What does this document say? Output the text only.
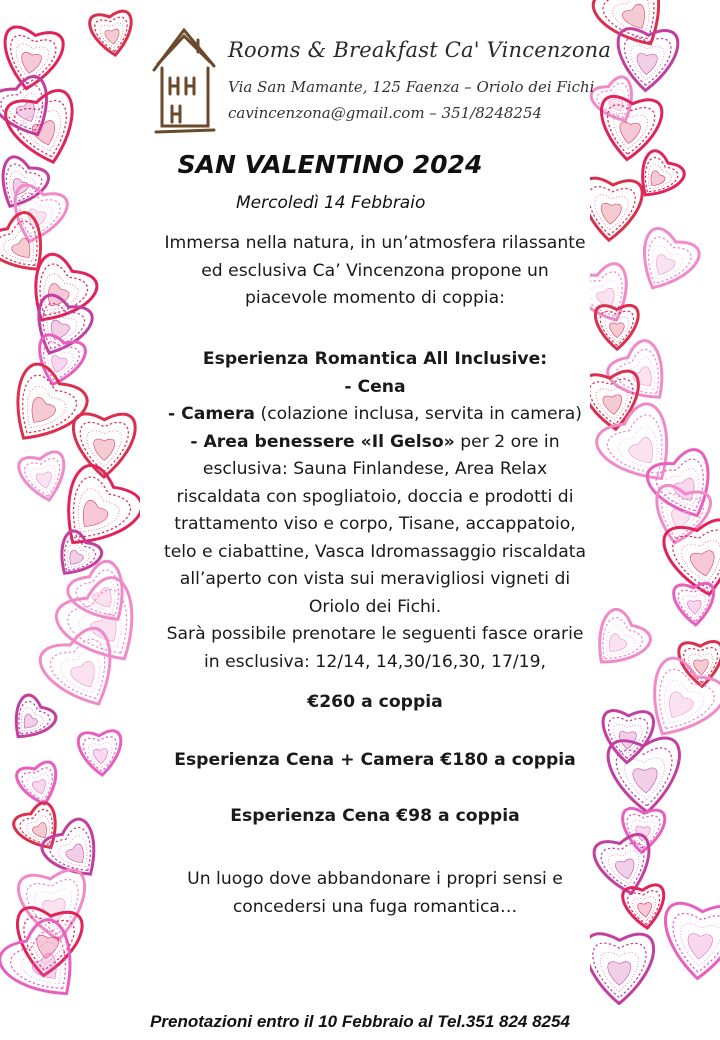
Rooms & Breakfast Ca' Vincenzona
Via San Mamante, 125 Faenza – Oriolo dei Fichi
cavincenzona@gmail.com – 351/8248254
SAN VALENTINO 2024
Mercoledì 14 Febbraio
Immersa nella natura, in un’atmosfera rilassante
ed esclusiva Ca’ Vincenzona propone un
piacevole momento di coppia:
Esperienza Romantica All Inclusive:
- Cena
- Camera (colazione inclusa, servita in camera)
- Area benessere «Il Gelso» per 2 ore in
esclusiva: Sauna Finlandese, Area Relax
riscaldata con spogliatoio, doccia e prodotti di
trattamento viso e corpo, Tisane, accappatoio,
telo e ciabattine, Vasca Idromassaggio riscaldata
all’aperto con vista sui meravigliosi vigneti di
Oriolo dei Fichi.
Sarà possibile prenotare le seguenti fasce orarie
in esclusiva: 12/14, 14,30/16,30, 17/19,
€260 a coppia
Esperienza Cena + Camera €180 a coppia
Esperienza Cena €98 a coppia
Un luogo dove abbandonare i propri sensi e
concedersi una fuga romantica…
Prenotazioni entro il 10 Febbraio al Tel.351 824 8254
